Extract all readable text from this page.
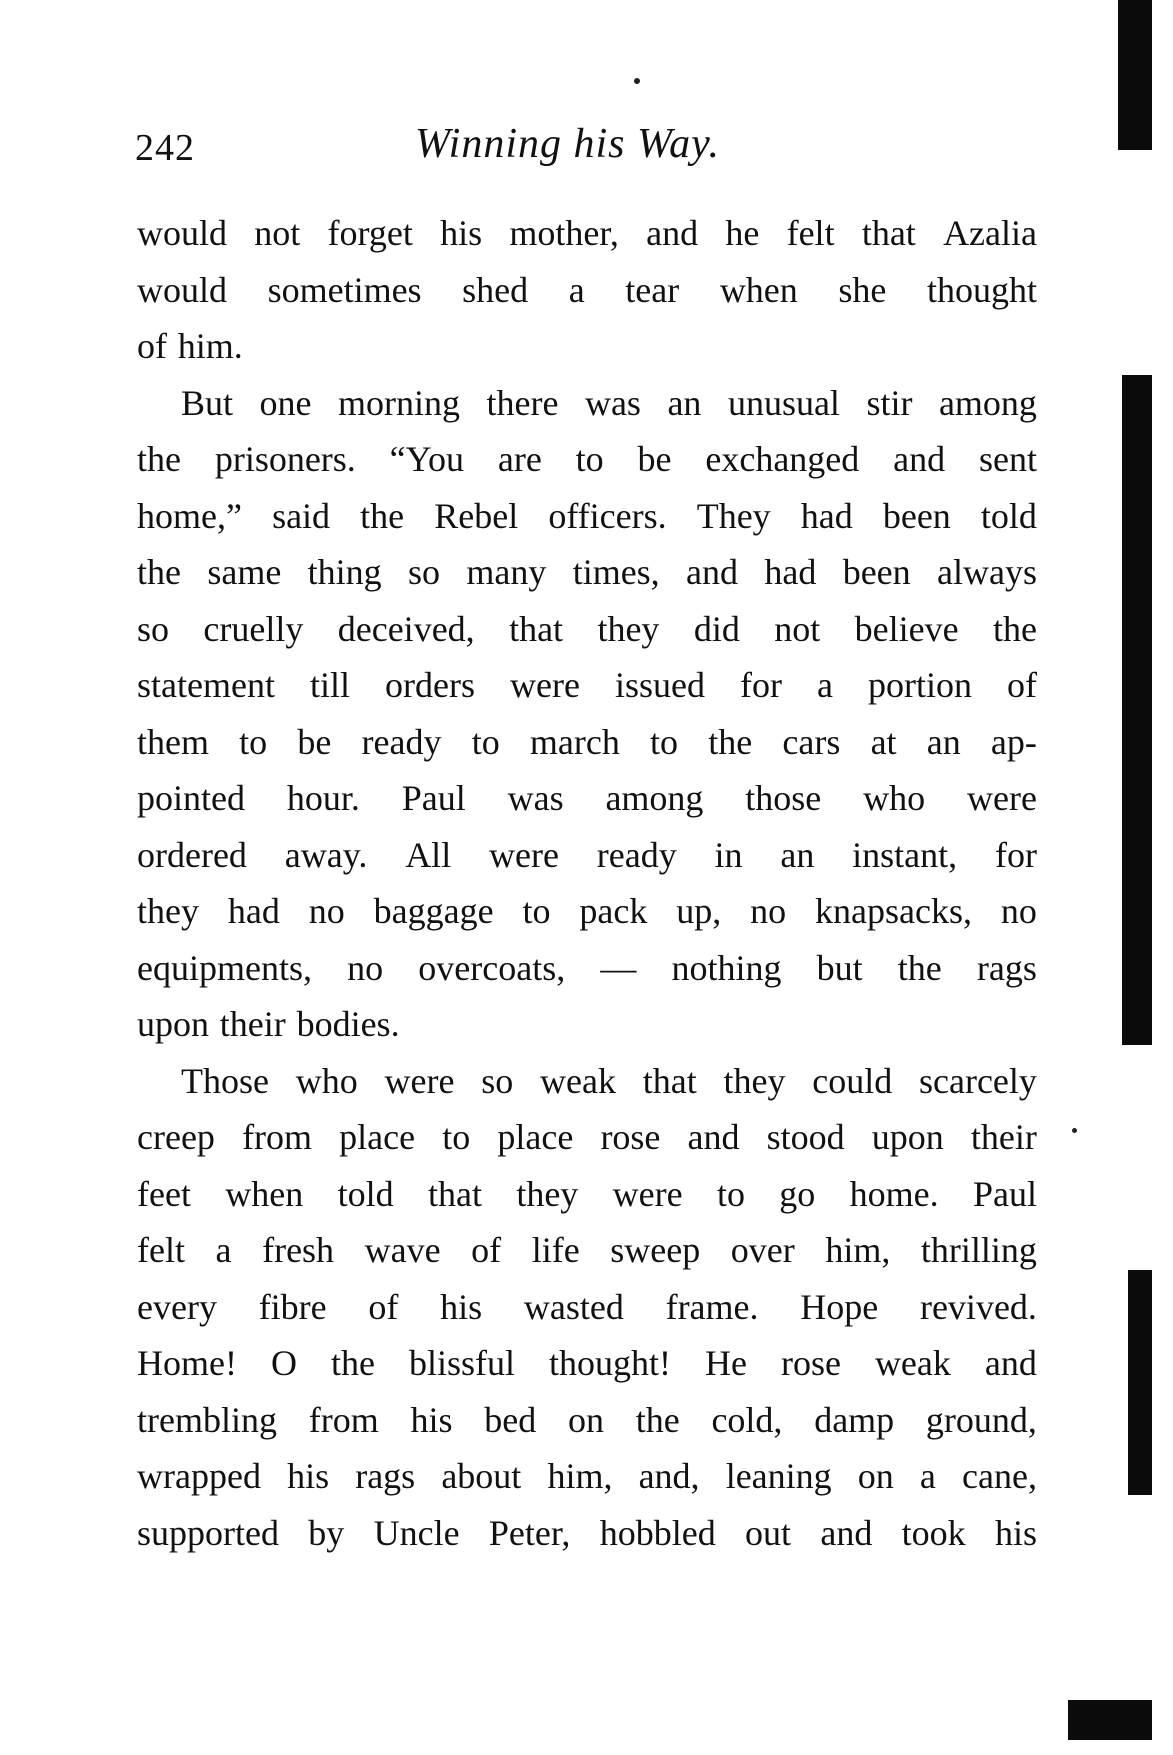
242	Winning his Way.
would not forget his mother, and he felt that Azalia
would sometimes shed a tear when she thought
of him.
But one morning there was an unusual stir among
the prisoners. “You are to be exchanged and sent
home,” said the Rebel officers. They had been told
the same thing so many times, and had been always
so cruelly deceived, that they did not believe the
statement till orders were issued for a portion of
them to be ready to march to the cars at an ap-
pointed hour. Paul was among those who were
ordered away. All were ready in an instant, for
they had no baggage to pack up, no knapsacks, no
equipments, no overcoats, — nothing but the rags
upon their bodies.
Those who were so weak that they could scarcely
creep from place to place rose and stood upon their
feet when told that they were to go home. Paul
felt a fresh wave of life sweep over him, thrilling
every fibre of his wasted frame. Hope revived.
Home! O the blissful thought! He rose weak and
trembling from his bed on the cold, damp ground,
wrapped his rags about him, and, leaning on a cane,
supported by Uncle Peter, hobbled out and took his
